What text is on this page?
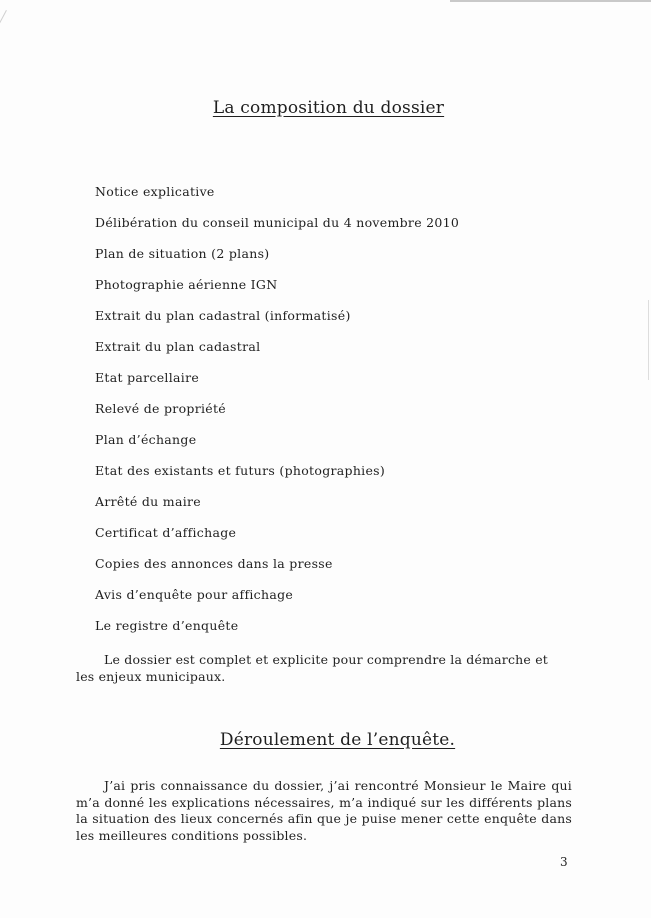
La composition du dossier
Notice explicative
Délibération du conseil municipal du 4 novembre 2010
Plan de situation (2 plans)
Photographie aérienne IGN
Extrait du plan cadastral (informatisé)
Extrait du plan cadastral
Etat parcellaire
Relevé de propriété
Plan d’échange
Etat des existants et futurs (photographies)
Arrêté du maire
Certificat d’affichage
Copies des annonces dans la presse
Avis d’enquête pour affichage
Le registre d’enquête

Le dossier est complet et explicite pour comprendre la démarche et les enjeux municipaux.

Déroulement de l’enquête.

J’ai pris connaissance du dossier, j’ai rencontré Monsieur le Maire qui m’a donné les explications nécessaires, m’a indiqué sur les différents plans la situation des lieux concernés afin que je puise mener cette enquête dans les meilleures conditions possibles.

3
